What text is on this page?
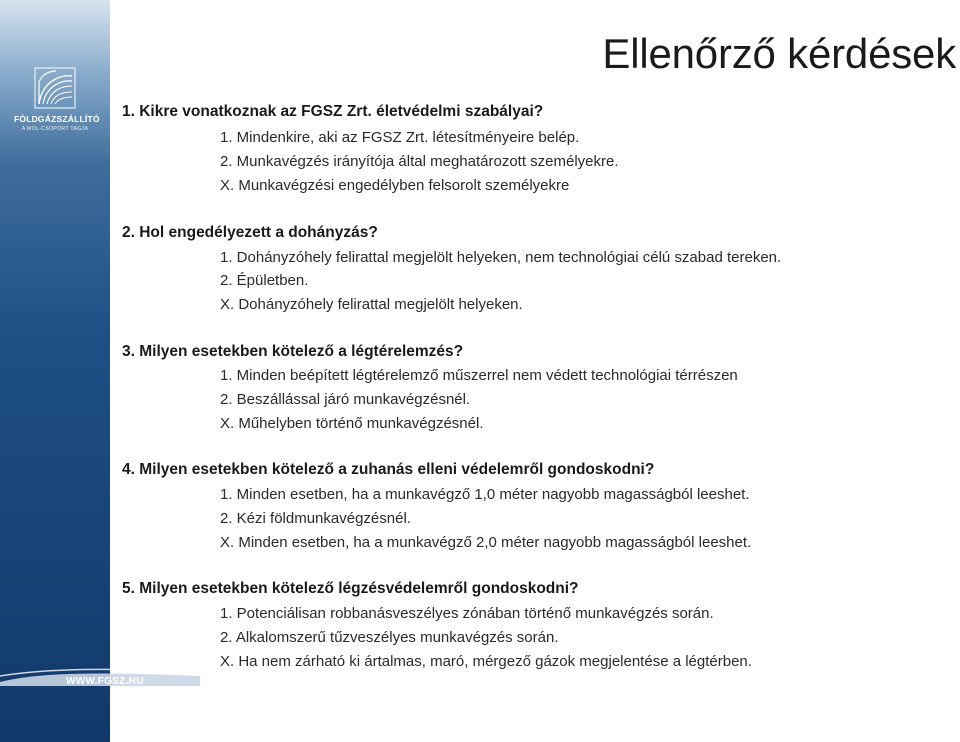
FÖLDGÁZSZÁLLÍTÓ
A MOL-CSOPORT TAGJA
WWW.FGSZ.HU
Ellenőrző kérdések
1. Kikre vonatkoznak az FGSZ Zrt. életvédelmi szabályai?
1. Mindenkire, aki az FGSZ Zrt. létesítményeire belép.
2. Munkavégzés irányítója által meghatározott személyekre.
X. Munkavégzési engedélyben felsorolt személyekre
2. Hol engedélyezett a dohányzás?
1. Dohányzóhely felirattal megjelölt helyeken, nem technológiai célú szabad tereken.
2. Épületben.
X. Dohányzóhely felirattal megjelölt helyeken.
3. Milyen esetekben kötelező a légtérelemzés?
1. Minden beépített légtérelemző műszerrel nem védett technológiai térrészen
2. Beszállással járó munkavégzésnél.
X. Műhelyben történő munkavégzésnél.
4. Milyen esetekben kötelező a zuhanás elleni védelemről gondoskodni?
1. Minden esetben, ha a munkavégző 1,0 méter nagyobb magasságból leeshet.
2. Kézi földmunkavégzésnél.
X. Minden esetben, ha a munkavégző 2,0 méter nagyobb magasságból leeshet.
5. Milyen esetekben kötelező légzésvédelemről gondoskodni?
1. Potenciálisan robbanásveszélyes zónában történő munkavégzés során.
2. Alkalomszerű tűzveszélyes munkavégzés során.
X. Ha nem zárható ki ártalmas, maró, mérgező gázok megjelentése a légtérben.
